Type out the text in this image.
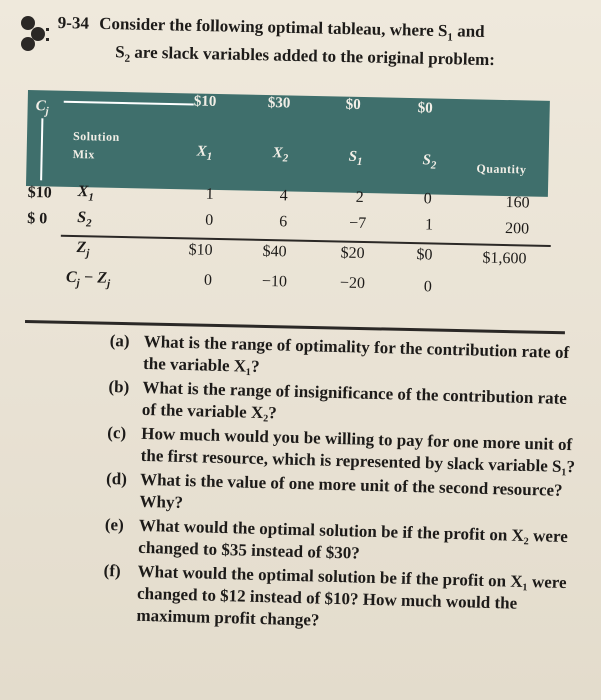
9-34 Consider the following optimal tableau, where $S_1$ and
$S_2$ are slack variables added to the original problem:
$C_j$
$10	$30	$0	$0
Solution
Mix	$X_1$	$X_2$	$S_1$	$S_2$	Quantity
$10 $X_1$	1	4	2	0	160
$ 0 $S_2$	0	6	−7	1	200
$Z_j$	$10	$40	$20	$0	$1,600
$C_j - Z_j$	0	−10	−20	0
(a) What is the range of optimality for the contribution rate of the variable X₁?
(b) What is the range of insignificance of the contribution rate of the variable X₂?
(c) How much would you be willing to pay for one more unit of the first resource, which is represented by slack variable S₁?
(d) What is the value of one more unit of the second resource? Why?
(e) What would the optimal solution be if the profit on X₂ were changed to $35 instead of $30?
(f) What would the optimal solution be if the profit on X₁ were changed to $12 instead of $10? How much would the maximum profit change?
